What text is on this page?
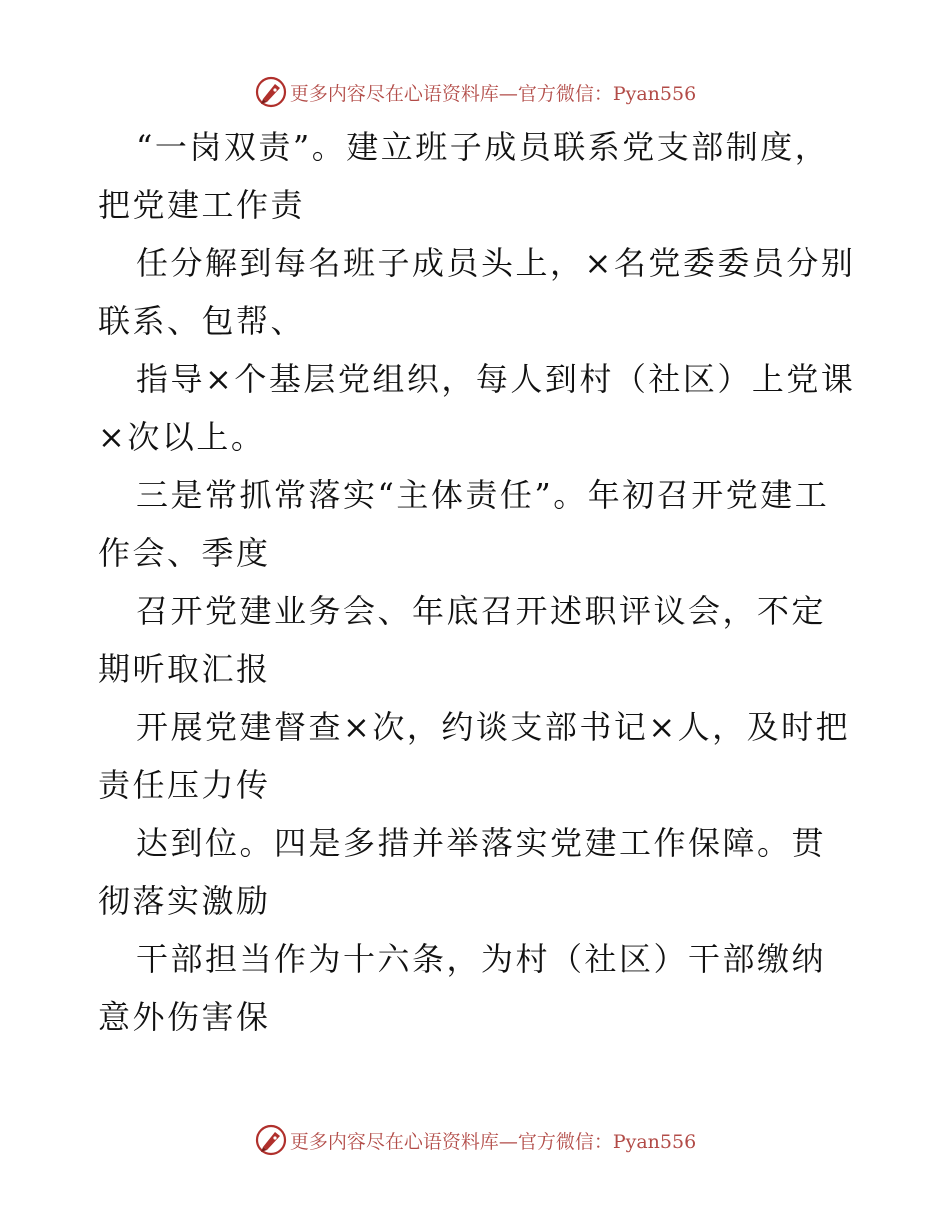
更多内容尽在心语资料库—官方微信：Pyan556

“一岗双责”。建立班子成员联系党支部制度，把党建工作责

任分解到每名班子成员头上，×名党委委员分别联系、包帮、

指导×个基层党组织，每人到村（社区）上党课×次以上。

三是常抓常落实“主体责任”。年初召开党建工作会、季度

召开党建业务会、年底召开述职评议会，不定期听取汇报

开展党建督查×次，约谈支部书记×人，及时把责任压力传

达到位。四是多措并举落实党建工作保障。贯彻落实激励

干部担当作为十六条，为村（社区）干部缴纳意外伤害保

更多内容尽在心语资料库—官方微信：Pyan556
